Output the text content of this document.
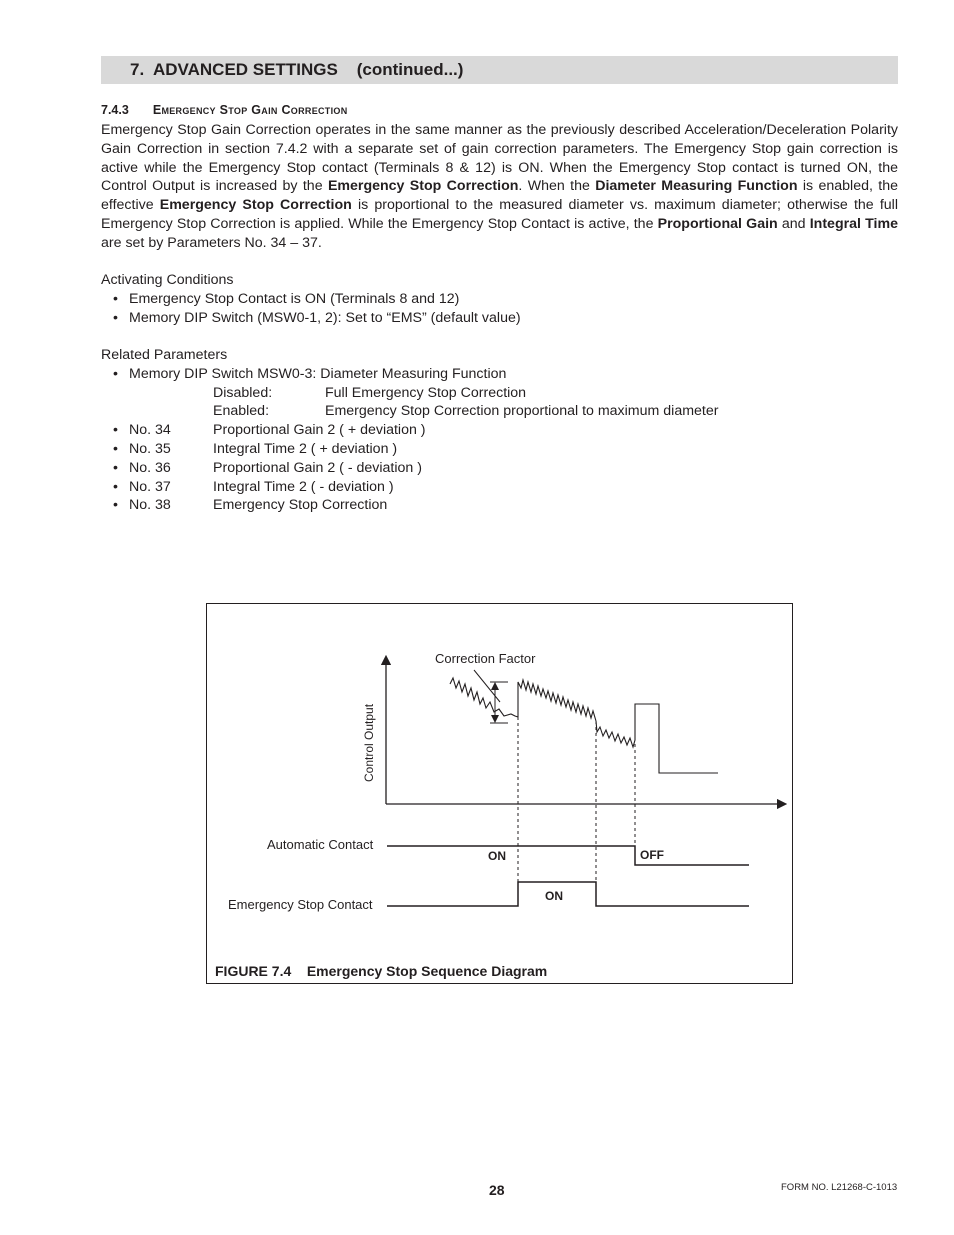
7.  ADVANCED SETTINGS (continued...)
7.4.3 Emergency Stop Gain Correction
Emergency Stop Gain Correction operates in the same manner as the previously described Acceleration/Deceleration Polarity Gain Correction in section 7.4.2 with a separate set of gain correction parameters. The Emergency Stop gain correction is active while the Emergency Stop contact (Terminals 8 & 12) is ON. When the Emergency Stop contact is turned ON, the Control Output is increased by the Emergency Stop Correction. When the Diameter Measuring Function is enabled, the effective Emergency Stop Correction is proportional to the measured diameter vs. maximum diameter; otherwise the full Emergency Stop Correction is applied. While the Emergency Stop Contact is active, the Proportional Gain and Integral Time are set by Parameters No. 34 – 37.
Activating Conditions
• Emergency Stop Contact is ON (Terminals 8 and 12)
• Memory DIP Switch (MSW0-1, 2): Set to “EMS” (default value)
Related Parameters
• Memory DIP Switch MSW0-3: Diameter Measuring Function
Disabled:	Full Emergency Stop Correction
Enabled:	Emergency Stop Correction proportional to maximum diameter
• No. 34	Proportional Gain 2 ( + deviation )
• No. 35	Integral Time 2 ( + deviation )
• No. 36	Proportional Gain 2 ( - deviation )
• No. 37	Integral Time 2 ( - deviation )
• No. 38	Emergency Stop Correction
Correction Factor
Control Output
Automatic Contact
Emergency Stop Contact
ON	OFF
ON
FIGURE 7.4 Emergency Stop Sequence Diagram
28	FORM NO. L21268-C-1013
